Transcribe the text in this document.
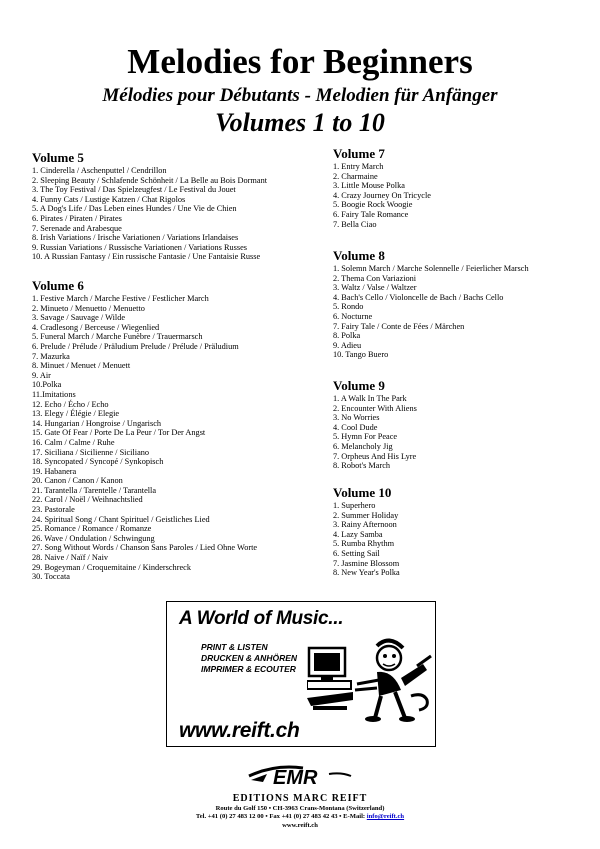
Melodies for Beginners
Mélodies pour Débutants - Melodien für Anfänger
Volumes 1 to 10
Volume 5
1. Cinderella / Aschenputtel / Cendrillon
2. Sleeping Beauty / Schlafende Schönheit / La Belle au Bois Dormant
3. The Toy Festival / Das Spielzeugfest / Le Festival du Jouet
4. Funny Cats / Lustige Katzen / Chat Rigolos
5. A Dog's Life / Das Leben eines Hundes / Une Vie de Chien
6. Pirates / Piraten / Pirates
7. Serenade and Arabesque
8. Irish Variations / Irische Variationen / Variations Irlandaises
9. Russian Variations / Russische Variationen / Variations Russes
10. A Russian Fantasy / Ein russische Fantasie / Une Fantaisie Russe
Volume 6
1. Festive March / Marche Festive / Festlicher March
2. Minueto / Menuetto / Menuetto
3. Savage / Sauvage / Wilde
4. Cradlesong / Berceuse / Wiegenlied
5. Funeral March / Marche Funèbre / Trauermarsch
6. Prelude / Prélude / Präludium Prelude / Prélude / Präludium
7. Mazurka
8. Minuet / Menuet / Menuett
9. Air
10.Polka
11.Imitations
12. Echo / Écho / Echo
13. Elegy / Élégie / Elegie
14. Hungarian / Hongroise / Ungarisch
15. Gate Of Fear / Porte De La Peur / Tor Der Angst
16. Calm / Calme / Ruhe
17. Siciliana / Sicilienne / Siciliano
18. Syncopated / Syncopé / Synkopisch
19. Habanera
20. Canon / Canon / Kanon
21. Tarantella / Tarentelle / Tarantella
22. Carol / Noël / Weihnachtslied
23. Pastorale
24. Spiritual Song / Chant Spirituel / Geistliches Lied
25. Romance / Romance / Romanze
26. Wave / Ondulation / Schwingung
27. Song Without Words / Chanson Sans Paroles / Lied Ohne Worte
28. Naive / Naïf / Naiv
29. Bogeyman / Croquemitaine / Kinderschreck
30. Toccata
Volume 7
1. Entry March
2. Charmaine
3. Little Mouse Polka
4. Crazy Journey On Tricycle
5. Boogie Rock Woogie
6. Fairy Tale Romance
7. Bella Ciao
Volume 8
1. Solemn March / Marche Solennelle / Feierlicher Marsch
2. Thema Con Variazioni
3. Waltz / Valse / Waltzer
4. Bach's Cello / Violoncelle de Bach / Bachs Cello
5. Rondo
6. Nocturne
7. Fairy Tale / Conte de Fées / Märchen
8. Polka
9. Adieu
10. Tango Buero
Volume 9
1. A Walk In The Park
2. Encounter With Aliens
3. No Worries
4. Cool Dude
5. Hymn For Peace
6. Melancholy Jig
7. Orpheus And His Lyre
8. Robot's March
Volume 10
1. Superhero
2. Summer Holiday
3. Rainy Afternoon
4. Lazy Samba
5. Rumba Rhythm
6. Setting Sail
7. Jasmine Blossom
8. New Year's Polka
A World of Music...
PRINT & LISTEN
DRUCKEN & ANHÖREN
IMPRIMER & ECOUTER
www.reift.ch
EMR
EDITIONS MARC REIFT
Route du Golf 150 • CH-3963 Crans-Montana (Switzerland)
Tel. +41 (0) 27 483 12 00 • Fax +41 (0) 27 483 42 43 • E-Mail: info@reift.ch
www.reift.ch
